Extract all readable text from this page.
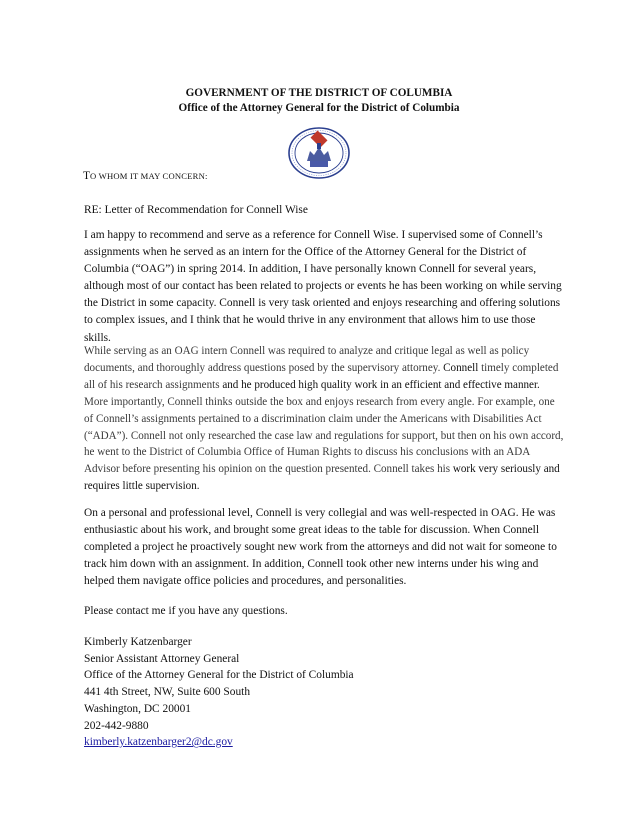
GOVERNMENT OF THE DISTRICT OF COLUMBIA
Office of the Attorney General for the District of Columbia
TO WHOM IT MAY CONCERN:

RE: Letter of Recommendation for Connell Wise

I am happy to recommend and serve as a reference for Connell Wise. I supervised some of Connell’s assignments when he served as an intern for the Office of the Attorney General for the District of Columbia (“OAG”) in spring 2014. In addition, I have personally known Connell for several years, although most of our contact has been related to projects or events he has been working on while serving the District in some capacity. Connell is very task oriented and enjoys researching and offering solutions to complex issues, and I think that he would thrive in any environment that allows him to use those skills.

While serving as an OAG intern Connell was required to analyze and critique legal as well as policy documents, and thoroughly address questions posed by the supervisory attorney. Connell timely completed all of his research assignments and he produced high quality work in an efficient and effective manner. More importantly, Connell thinks outside the box and enjoys research from every angle. For example, one of Connell’s assignments pertained to a discrimination claim under the Americans with Disabilities Act (“ADA”). Connell not only researched the case law and regulations for support, but then on his own accord, he went to the District of Columbia Office of Human Rights to discuss his conclusions with an ADA Advisor before presenting his opinion on the question presented. Connell takes his work very seriously and requires little supervision.

On a personal and professional level, Connell is very collegial and was well-respected in OAG. He was enthusiastic about his work, and brought some great ideas to the table for discussion. When Connell completed a project he proactively sought new work from the attorneys and did not wait for someone to track him down with an assignment. In addition, Connell took other new interns under his wing and helped them navigate office policies and procedures, and personalities.

Please contact me if you have any questions.

Kimberly Katzenbarger
Senior Assistant Attorney General
Office of the Attorney General for the District of Columbia
441 4th Street, NW, Suite 600 South
Washington, DC 20001
202-442-9880
kimberly.katzenbarger2@dc.gov
